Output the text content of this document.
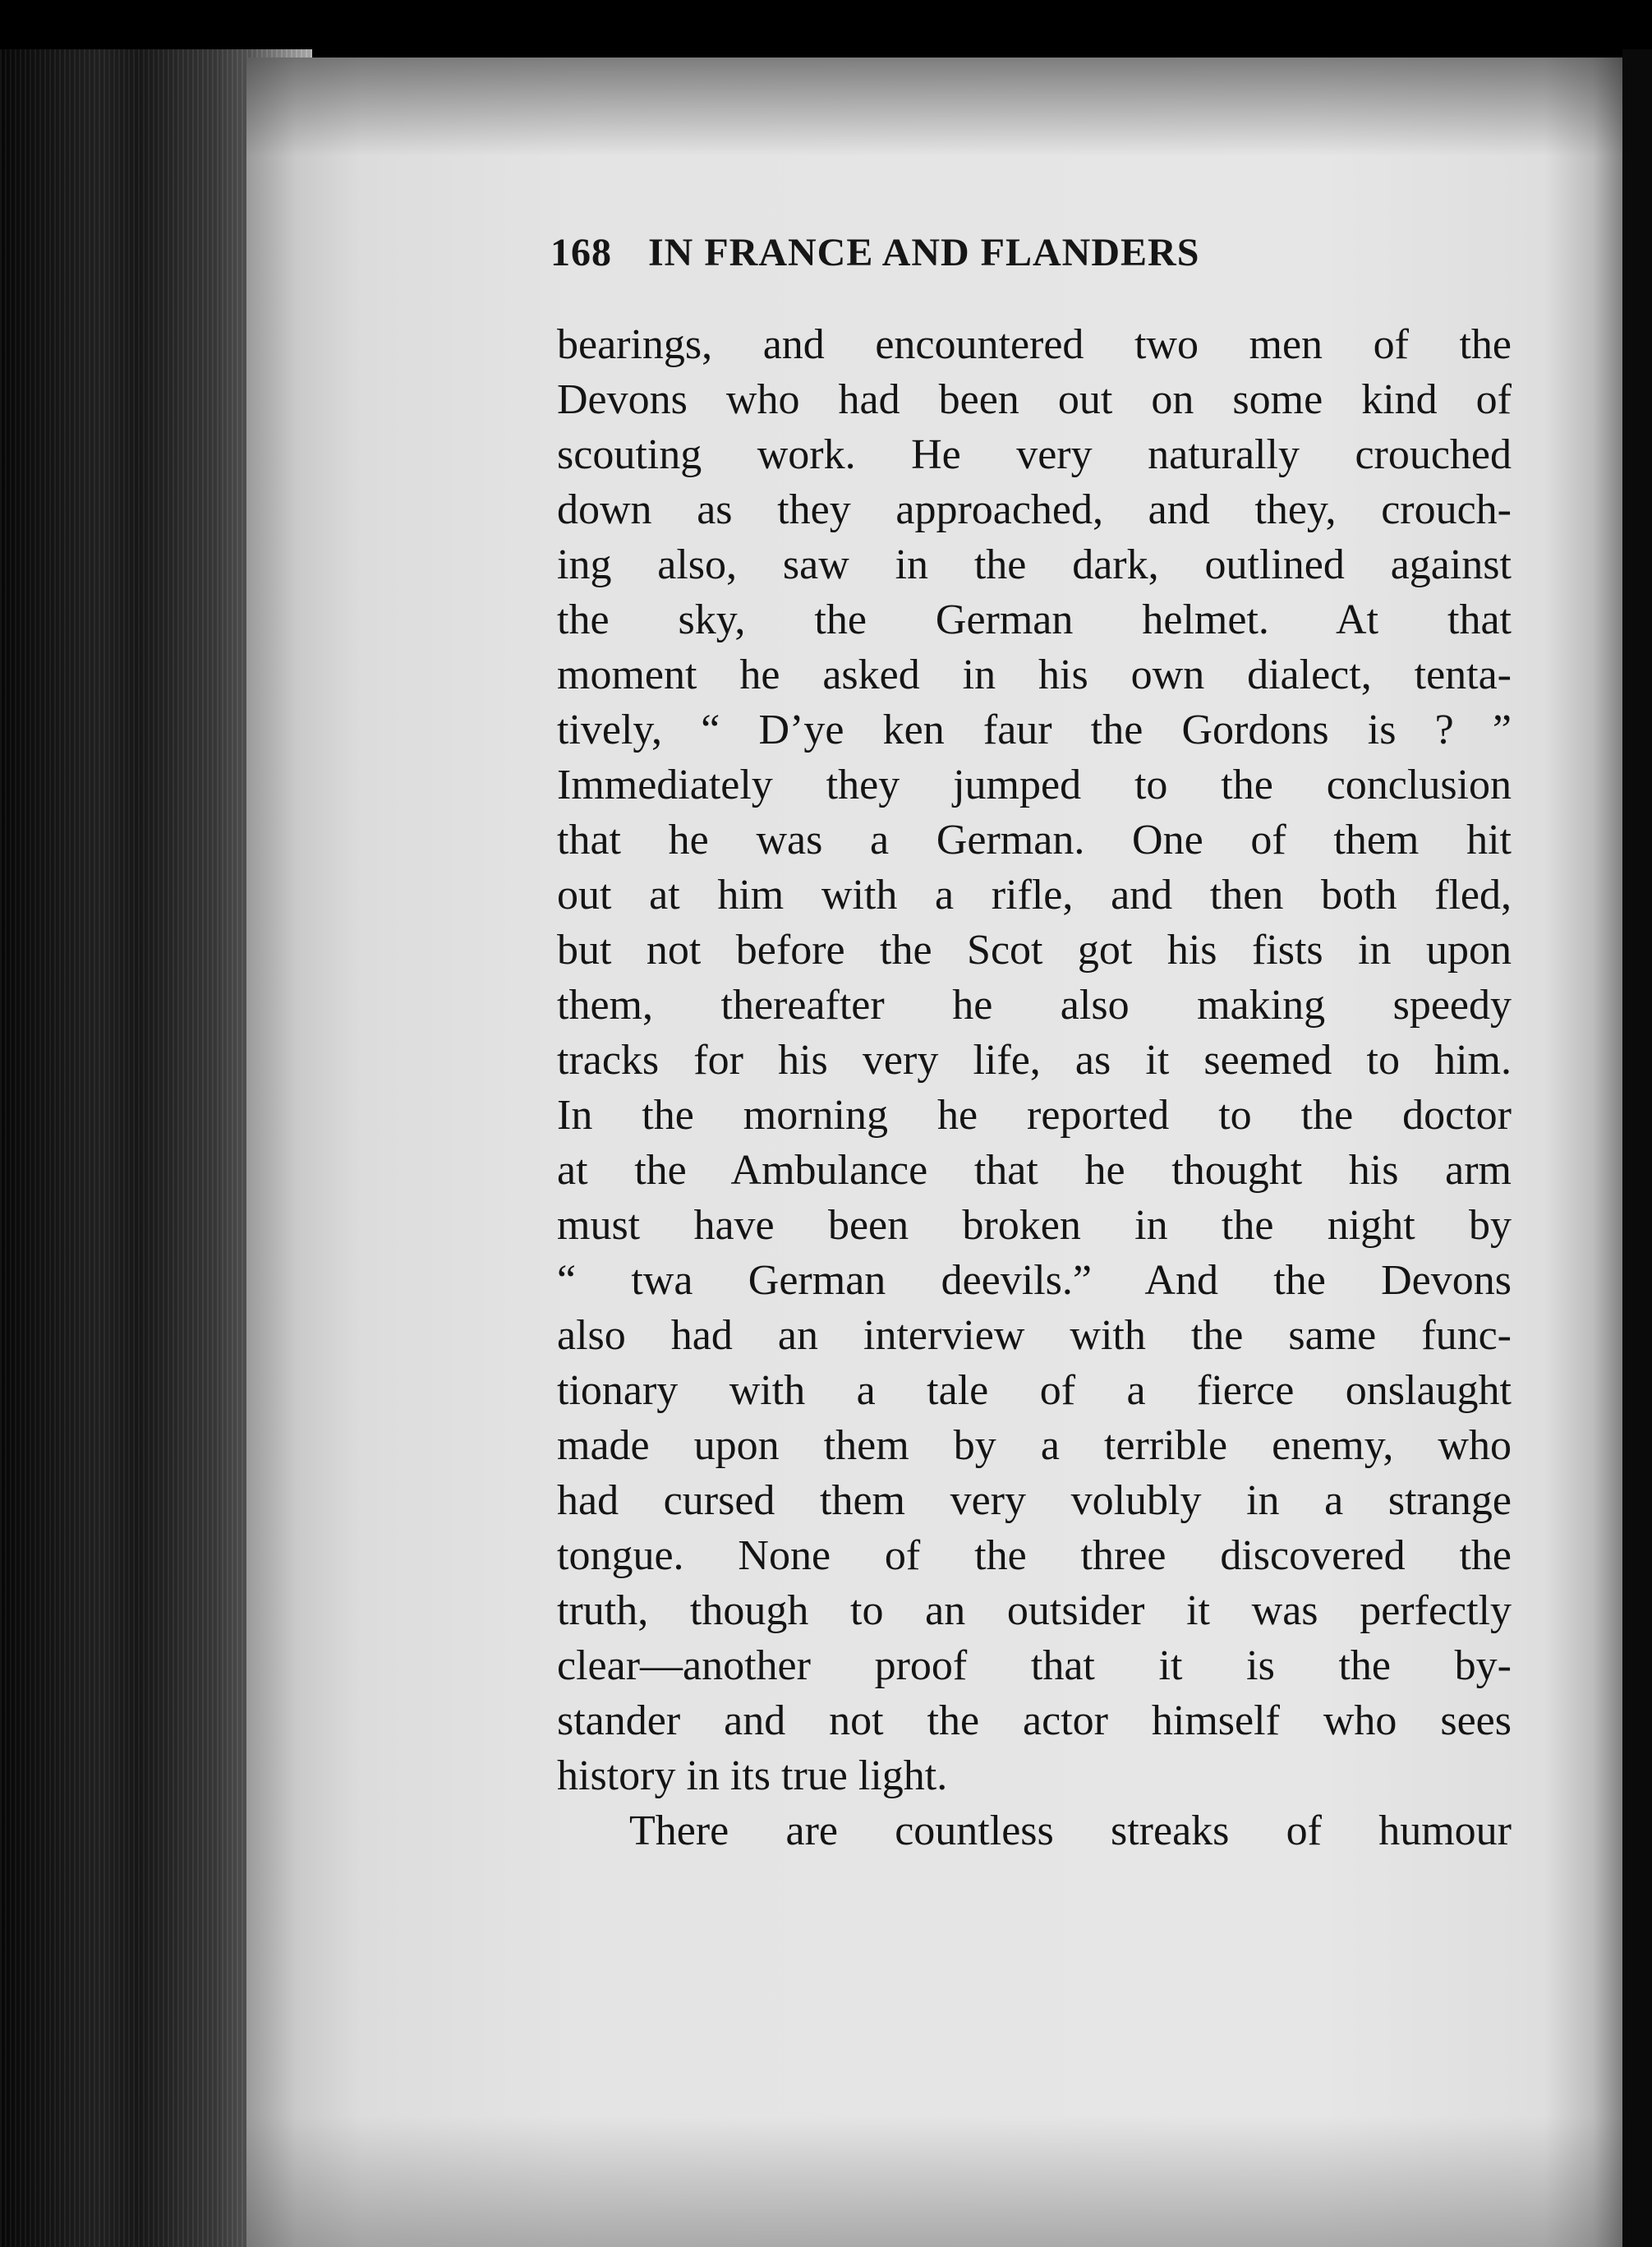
168 IN FRANCE AND FLANDERS
bearings, and encountered two men of the
Devons who had been out on some kind of
scouting work. He very naturally crouched
down as they approached, and they, crouch-
ing also, saw in the dark, outlined against
the sky, the German helmet. At that
moment he asked in his own dialect, tenta-
tively, “ D’ye ken faur the Gordons is ? ”
Immediately they jumped to the conclusion
that he was a German. One of them hit
out at him with a rifle, and then both fled,
but not before the Scot got his fists in upon
them, thereafter he also making speedy
tracks for his very life, as it seemed to him.
In the morning he reported to the doctor
at the Ambulance that he thought his arm
must have been broken in the night by
“ twa German deevils.” And the Devons
also had an interview with the same func-
tionary with a tale of a fierce onslaught
made upon them by a terrible enemy, who
had cursed them very volubly in a strange
tongue. None of the three discovered the
truth, though to an outsider it was perfectly
clear—another proof that it is the by-
stander and not the actor himself who sees
history in its true light.
There are countless streaks of humour
